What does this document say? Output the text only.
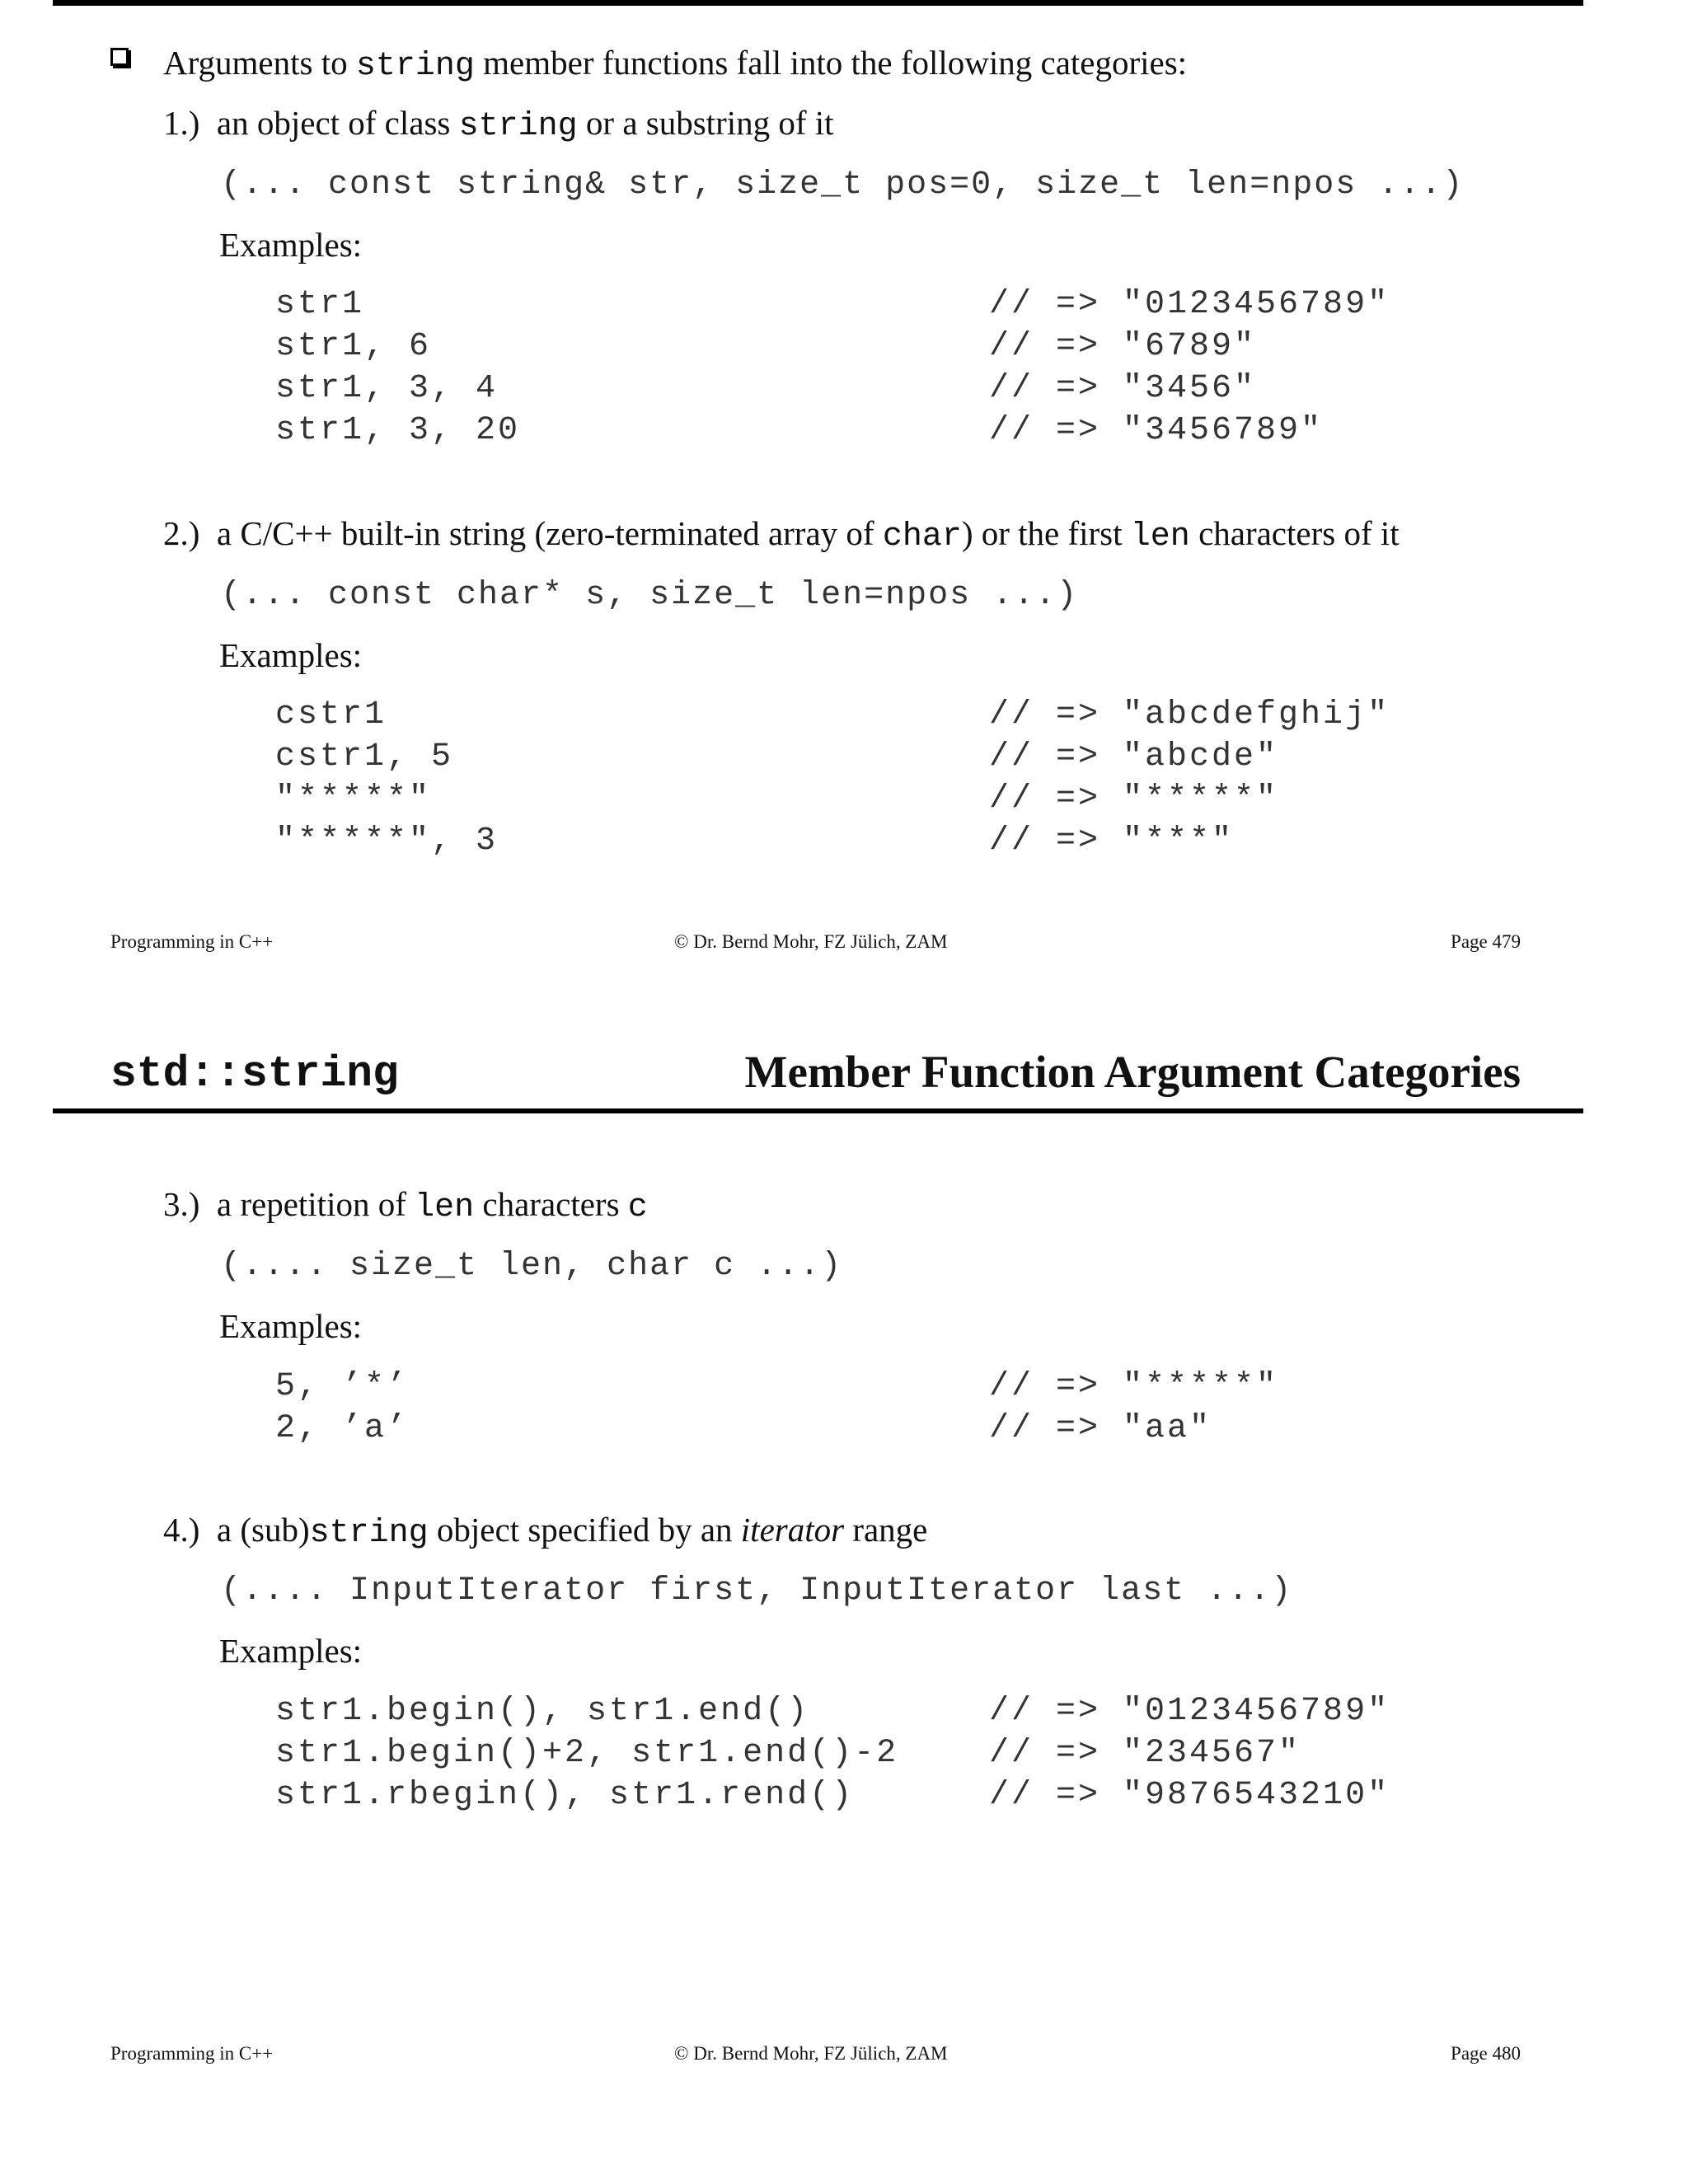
Arguments to string member functions fall into the following categories:
1.) an object of class string or a substring of it
(... const string& str, size_t pos=0, size_t len=npos ...)
Examples:
str1	// => "0123456789"
str1, 6	// => "6789"
str1, 3, 4	// => "3456"
str1, 3, 20	// => "3456789"
2.) a C/C++ built-in string (zero-terminated array of char) or the first len characters of it
(... const char* s, size_t len=npos ...)
Examples:
cstr1	// => "abcdefghij"
cstr1, 5	// => "abcde"
"*****"	// => "*****"
"*****", 3	// => "***"
Programming in C++	© Dr. Bernd Mohr, FZ Jülich, ZAM	Page 479
std::string	Member Function Argument Categories
3.) a repetition of len characters c
(.... size_t len, char c ...)
Examples:
5, ’*’	// => "*****"
2, ’a’	// => "aa"
4.) a (sub)string object specified by an iterator range
(.... InputIterator first, InputIterator last ...)
Examples:
str1.begin(), str1.end()	// => "0123456789"
str1.begin()+2, str1.end()-2	// => "234567"
str1.rbegin(), str1.rend()	// => "9876543210"
Programming in C++	© Dr. Bernd Mohr, FZ Jülich, ZAM	Page 480
